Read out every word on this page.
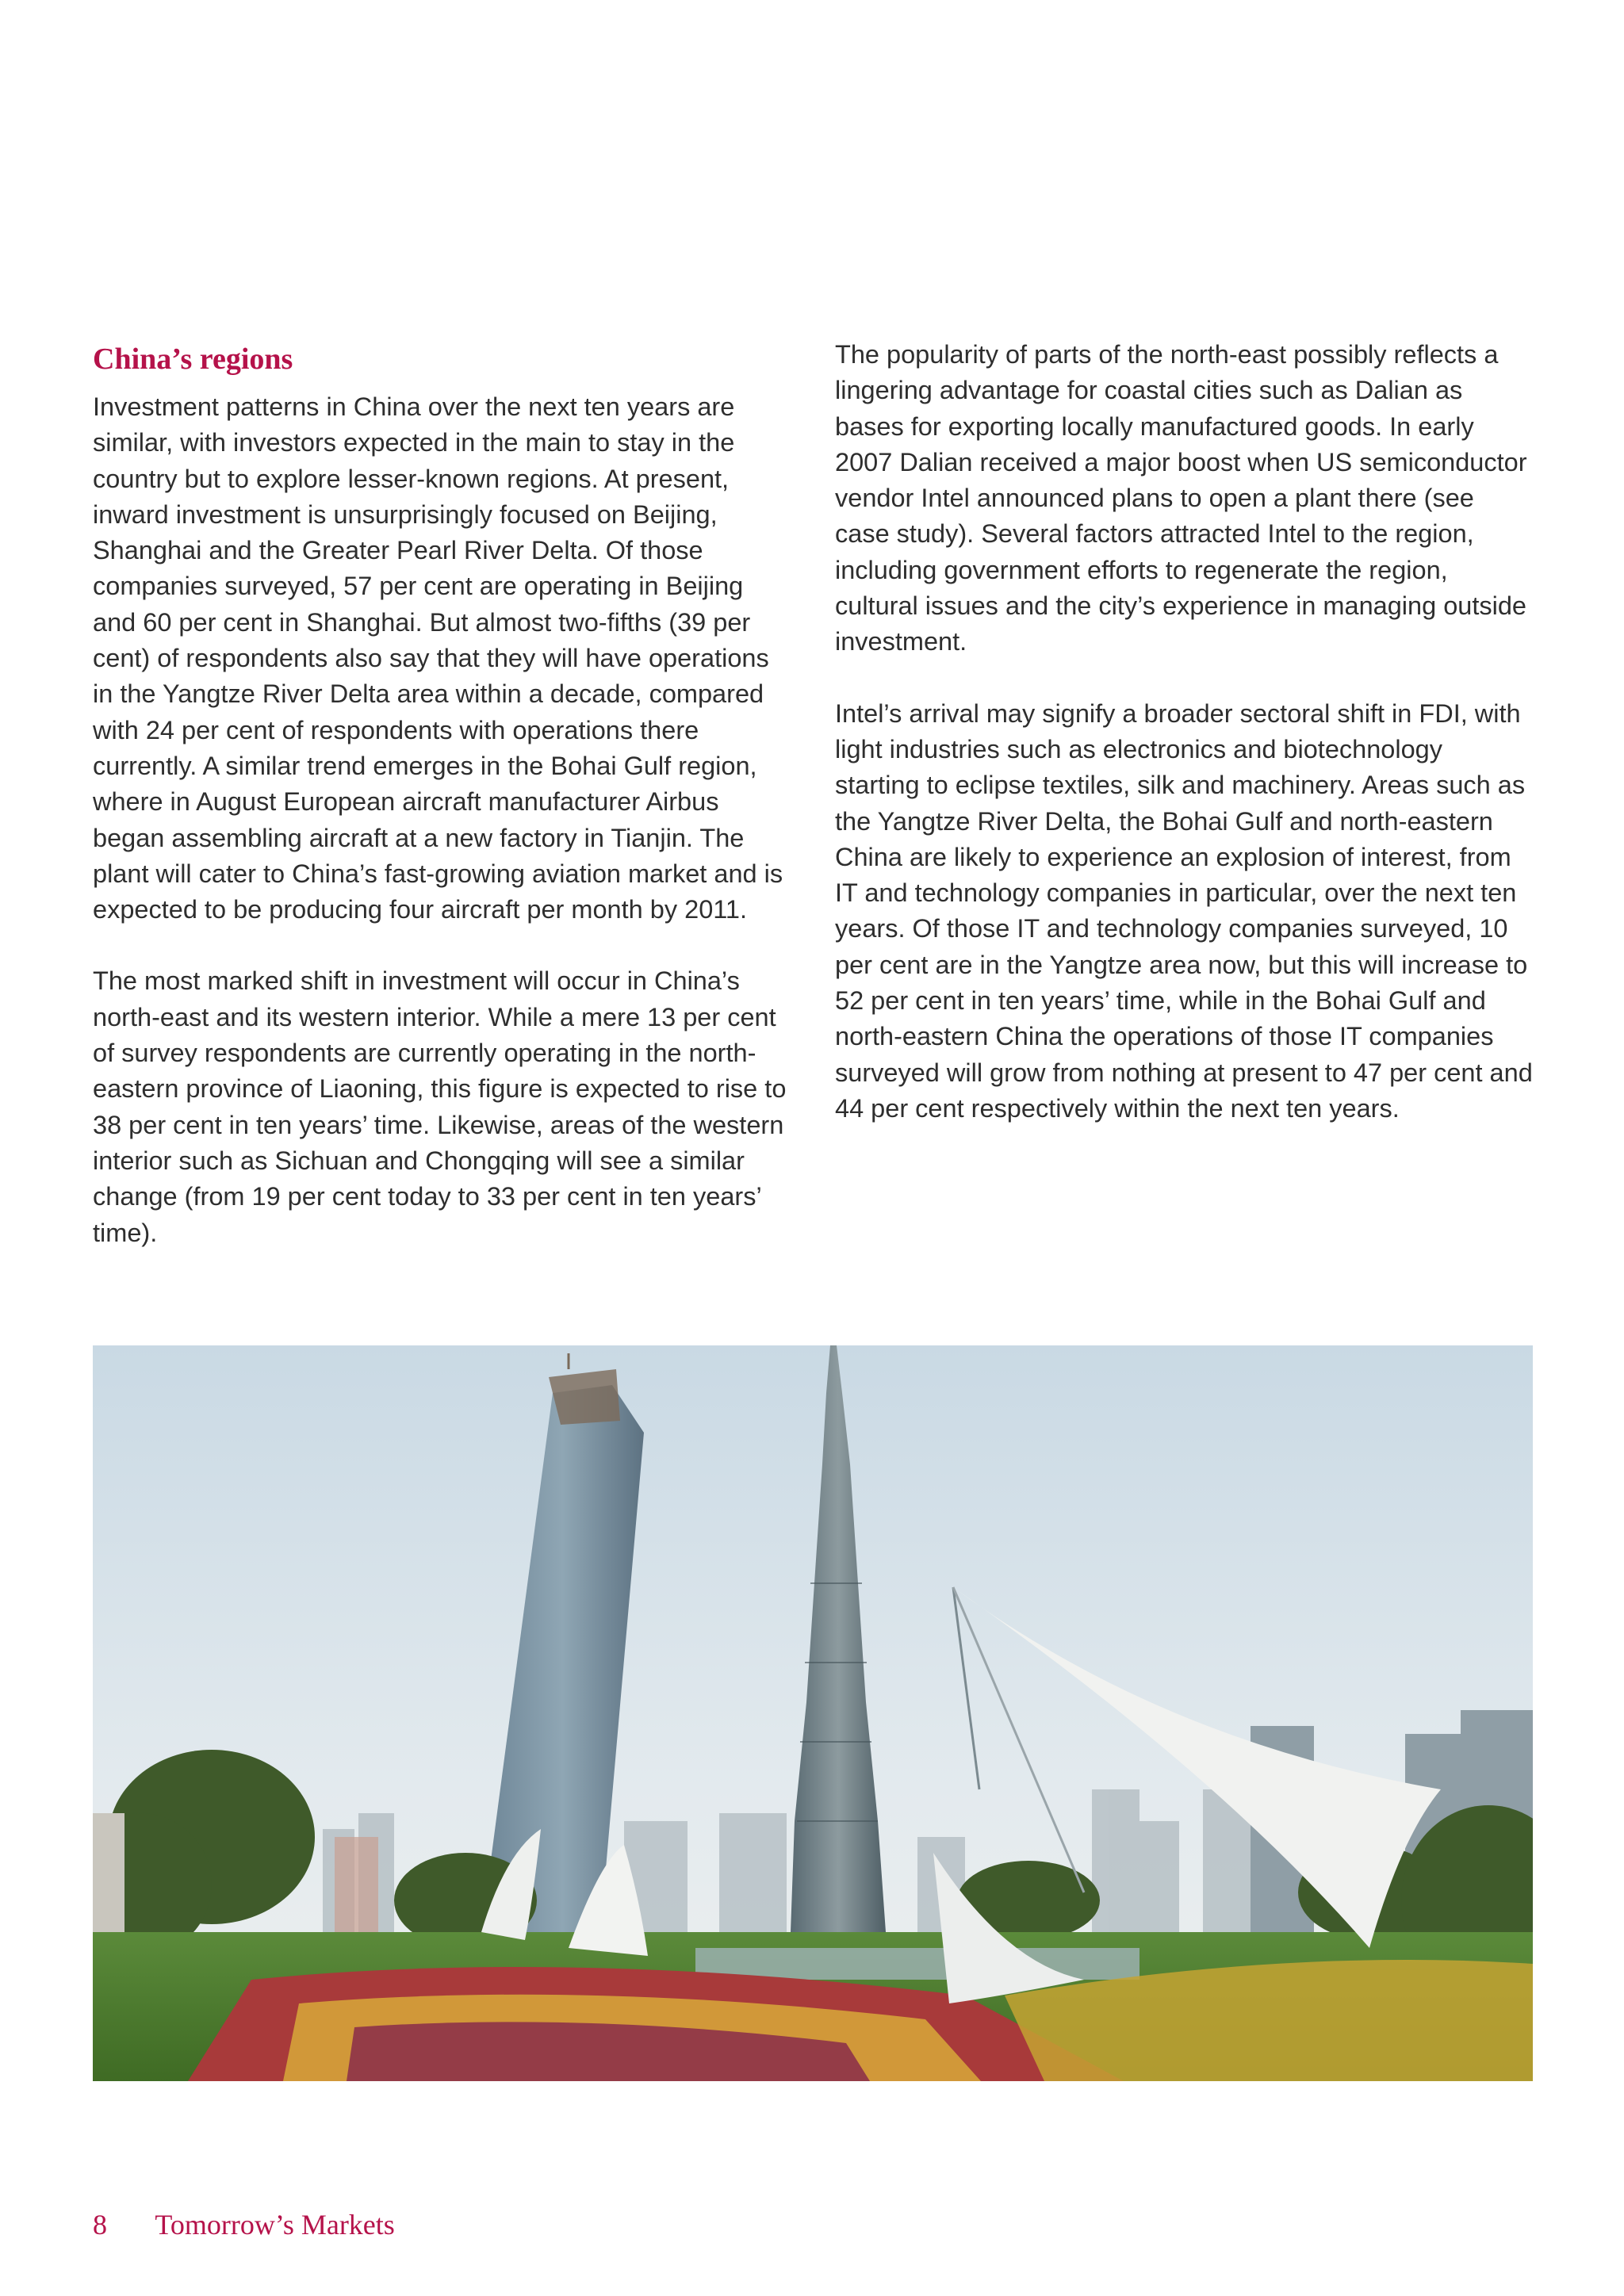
China’s regions

Investment patterns in China over the next ten years are similar, with investors expected in the main to stay in the country but to explore lesser-known regions. At present, inward investment is unsurprisingly focused on Beijing, Shanghai and the Greater Pearl River Delta. Of those companies surveyed, 57 per cent are operating in Beijing and 60 per cent in Shanghai. But almost two-fifths (39 per cent) of respondents also say that they will have operations in the Yangtze River Delta area within a decade, compared with 24 per cent of respondents with operations there currently. A similar trend emerges in the Bohai Gulf region, where in August European aircraft manufacturer Airbus began assembling aircraft at a new factory in Tianjin. The plant will cater to China’s fast-growing aviation market and is expected to be producing four aircraft per month by 2011.

The most marked shift in investment will occur in China’s north-east and its western interior. While a mere 13 per cent of survey respondents are currently operating in the north-eastern province of Liaoning, this figure is expected to rise to 38 per cent in ten years’ time. Likewise, areas of the western interior such as Sichuan and Chongqing will see a similar change (from 19 per cent today to 33 per cent in ten years’ time).

The popularity of parts of the north-east possibly reflects a lingering advantage for coastal cities such as Dalian as bases for exporting locally manufactured goods. In early 2007 Dalian received a major boost when US semiconductor vendor Intel announced plans to open a plant there (see case study). Several factors attracted Intel to the region, including government efforts to regenerate the region, cultural issues and the city’s experience in managing outside investment.

Intel’s arrival may signify a broader sectoral shift in FDI, with light industries such as electronics and biotechnology starting to eclipse textiles, silk and machinery. Areas such as the Yangtze River Delta, the Bohai Gulf and north-eastern China are likely to experience an explosion of interest, from IT and technology companies in particular, over the next ten years. Of those IT and technology companies surveyed, 10 per cent are in the Yangtze area now, but this will increase to 52 per cent in ten years’ time, while in the Bohai Gulf and north-eastern China the operations of those IT companies surveyed will grow from nothing at present to 47 per cent and 44 per cent respectively within the next ten years.

8 Tomorrow’s Markets
